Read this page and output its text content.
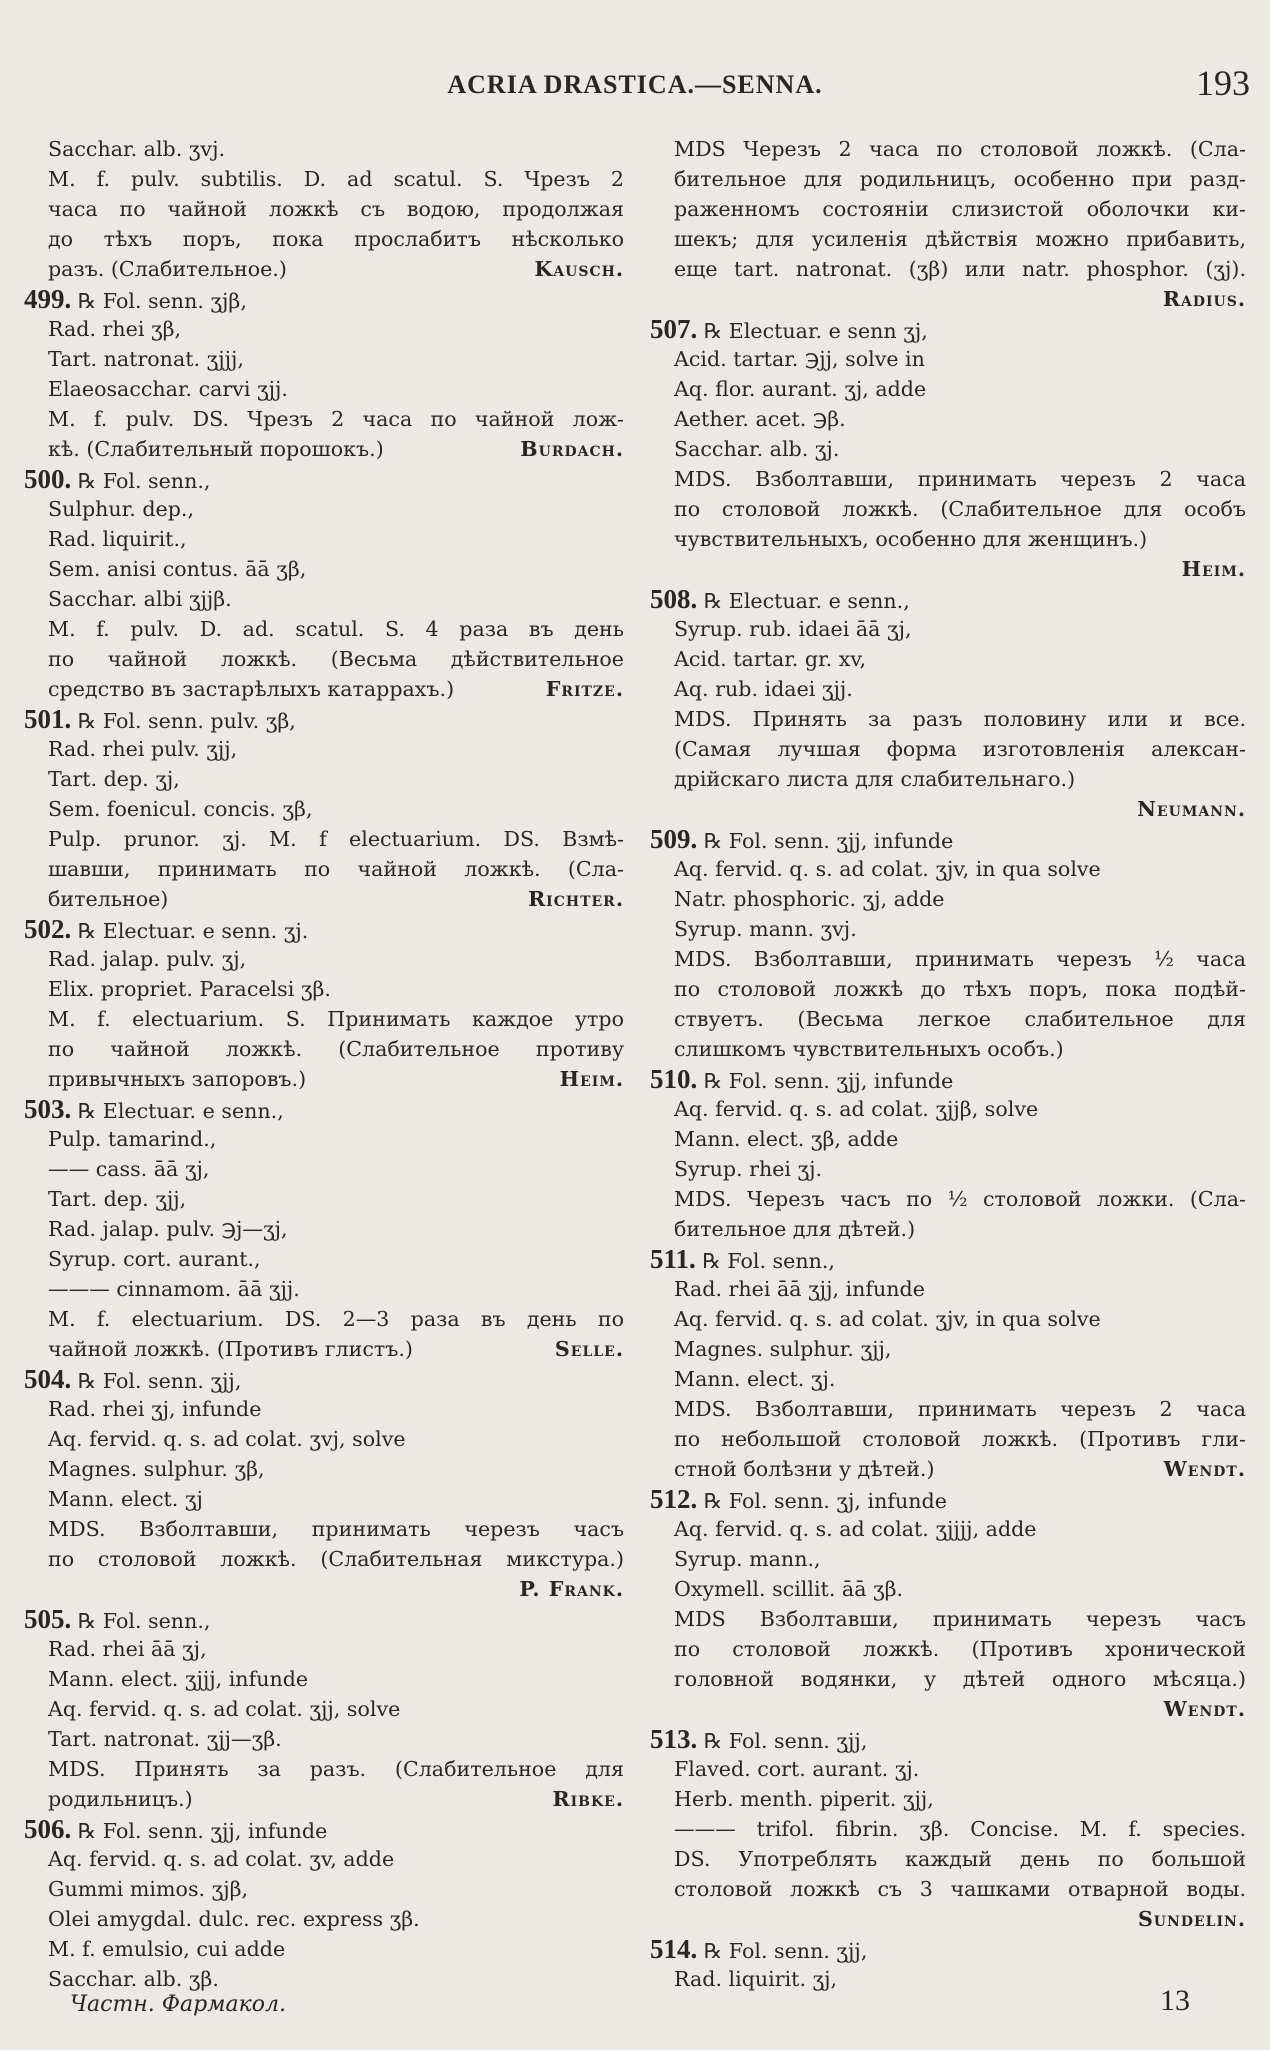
ACRIA DRASTICA.—SENNA.	193
Sacchar. alb. ʒvj.
M. f. pulv. subtilis. D. ad scatul. S. Чрезъ 2
часа по чайной ложкѣ съ водою, продолжая
до тѣхъ поръ, пока прослабитъ нѣсколько
разъ. (Слабительное.)	Kausch.
499. ℞ Fol. senn. ʒjβ,
Rad. rhei ʒβ,
Tart. natronat. ʒjjj,
Elaeosacchar. carvi ʒjj.
M. f. pulv. DS. Чрезъ 2 часа по чайной лож-
кѣ. (Слабительный порошокъ.)	Burdach.
500. ℞ Fol. senn.,
Sulphur. dep.,
Rad. liquirit.,
Sem. anisi contus. āā ʒβ,
Sacchar. albi ʒjjβ.
M. f. pulv. D. ad. scatul. S. 4 раза въ день
по чайной ложкѣ. (Весьма дѣйствительное
средство въ застарѣлыхъ катаррахъ.)	Fritze.
501. ℞ Fol. senn. pulv. ʒβ,
Rad. rhei pulv. ʒjj,
Tart. dep. ʒj,
Sem. foenicul. concis. ʒβ,
Pulp. prunor. ʒj. M. f electuarium. DS. Взмѣ-
шавши, принимать по чайной ложкѣ. (Сла-
бительное)	Richter.
502. ℞ Electuar. e senn. ʒj.
Rad. jalap. pulv. ʒj,
Elix. propriet. Paracelsi ʒβ.
M. f. electuarium. S. Принимать каждое утро
по чайной ложкѣ. (Слабительное противу
привычныхъ запоровъ.)	Heim.
503. ℞ Electuar. e senn.,
Pulp. tamarind.,
—— cass. āā ʒj,
Tart. dep. ʒjj,
Rad. jalap. pulv. ℈j—ʒj,
Syrup. cort. aurant.,
——— cinnamom. āā ʒjj.
M. f. electuarium. DS. 2—3 раза въ день по
чайной ложкѣ. (Противъ глистъ.)	Selle.
504. ℞ Fol. senn. ʒjj,
Rad. rhei ʒj, infunde
Aq. fervid. q. s. ad colat. ʒvj, solve
Magnes. sulphur. ʒβ,
Mann. elect. ʒj
MDS. Взболтавши, принимать черезъ часъ
по столовой ложкѣ. (Слабительная микстура.)
P. Frank.
505. ℞ Fol. senn.,
Rad. rhei āā ʒj,
Mann. elect. ʒjjj, infunde
Aq. fervid. q. s. ad colat. ʒjj, solve
Tart. natronat. ʒjj—ʒβ.
MDS. Принять за разъ. (Слабительное для
родильницъ.)	Ribke.
506. ℞ Fol. senn. ʒjj, infunde
Aq. fervid. q. s. ad colat. ʒv, adde
Gummi mimos. ʒjβ,
Olei amygdal. dulc. rec. express ʒβ.
M. f. emulsio, cui adde
Sacchar. alb. ʒβ.
MDS Черезъ 2 часа по столовой ложкѣ. (Сла-
бительное для родильницъ, особенно при разд-
раженномъ состояніи слизистой оболочки ки-
шекъ; для усиленія дѣйствія можно прибавить,
еще tart. natronat. (ʒβ) или natr. phosphor. (ʒj).
Radius.
507. ℞ Electuar. e senn ʒj,
Acid. tartar. ℈jj, solve in
Aq. flor. aurant. ʒj, adde
Aether. acet. ℈β.
Sacchar. alb. ʒj.
MDS. Взболтавши, принимать черезъ 2 часа
по столовой ложкѣ. (Слабительное для особъ
чувствительныхъ, особенно для женщинъ.)
Heim.
508. ℞ Electuar. e senn.,
Syrup. rub. idaei āā ʒj,
Acid. tartar. gr. xv,
Aq. rub. idaei ʒjj.
MDS. Принять за разъ половину или и все.
(Самая лучшая форма изготовленія алексан-
дрійскаго листа для слабительнаго.)
Neumann.
509. ℞ Fol. senn. ʒjj, infunde
Aq. fervid. q. s. ad colat. ʒjv, in qua solve
Natr. phosphoric. ʒj, adde
Syrup. mann. ʒvj.
MDS. Взболтавши, принимать черезъ ½ часа
по столовой ложкѣ до тѣхъ поръ, пока подѣй-
ствуетъ. (Весьма легкое слабительное для
слишкомъ чувствительныхъ особъ.)
510. ℞ Fol. senn. ʒjj, infunde
Aq. fervid. q. s. ad colat. ʒjjβ, solve
Mann. elect. ʒβ, adde
Syrup. rhei ʒj.
MDS. Черезъ часъ по ½ столовой ложки. (Сла-
бительное для дѣтей.)
511. ℞ Fol. senn.,
Rad. rhei āā ʒjj, infunde
Aq. fervid. q. s. ad colat. ʒjv, in qua solve
Magnes. sulphur. ʒjj,
Mann. elect. ʒj.
MDS. Взболтавши, принимать черезъ 2 часа
по небольшой столовой ложкѣ. (Противъ гли-
стной болѣзни у дѣтей.)	Wendt.
512. ℞ Fol. senn. ʒj, infunde
Aq. fervid. q. s. ad colat. ʒjjjj, adde
Syrup. mann.,
Oxymell. scillit. āā ʒβ.
MDS Взболтавши, принимать черезъ часъ
по столовой ложкѣ. (Противъ хронической
головной водянки, у дѣтей одного мѣсяца.)
Wendt.
513. ℞ Fol. senn. ʒjj,
Flaved. cort. aurant. ʒj.
Herb. menth. piperit. ʒjj,
——— trifol. fibrin. ʒβ. Concise. M. f. species.
DS. Употреблять каждый день по большой
столовой ложкѣ съ 3 чашками отварной воды.
Sundelin.
514. ℞ Fol. senn. ʒjj,
Rad. liquirit. ʒj,
Частн. Фармакол.	13
